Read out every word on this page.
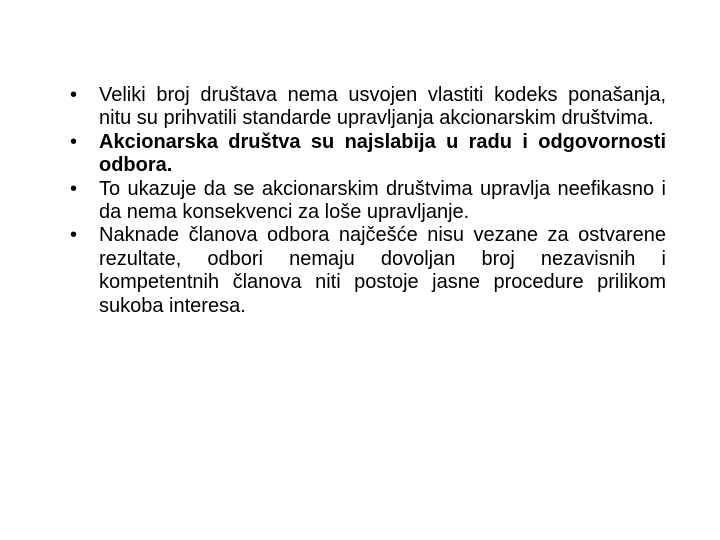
• Veliki broj društava nema usvojen vlastiti kodeks ponašanja, nitu su prihvatili standarde upravljanja akcionarskim društvima.
• Akcionarska društva su najslabija u radu i odgovornosti odbora.
• To ukazuje da se akcionarskim društvima upravlja neefikasno i da nema konsekvenci za loše upravljanje.
• Naknade članova odbora najčešće nisu vezane za ostvarene rezultate, odbori nemaju dovoljan broj nezavisnih i kompetentnih članova niti postoje jasne procedure prilikom sukoba interesa.
